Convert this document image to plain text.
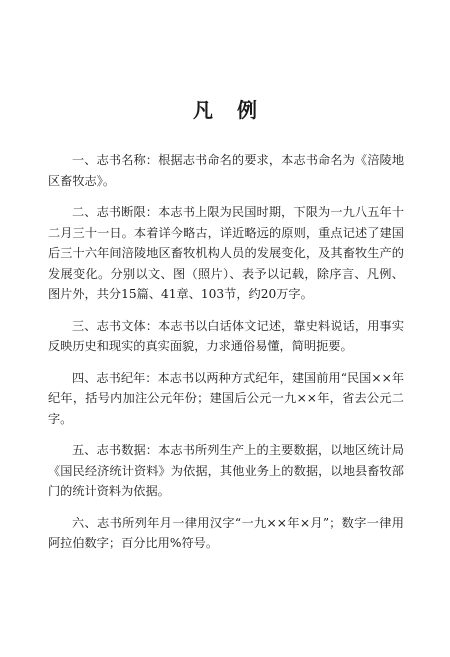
凡例

一、志书名称：根据志书命名的要求，本志书命名为《涪陵地区畜牧志》。

二、志书断限：本志书上限为民国时期，下限为一九八五年十二月三十一日。本着详今略古，详近略远的原则，重点记述了建国后三十六年间涪陵地区畜牧机构人员的发展变化，及其畜牧生产的发展变化。分别以文、图（照片）、表予以记载，除序言、凡例、图片外，共分15篇、41章、103节，约20万字。

三、志书文体：本志书以白话体文记述，靠史料说话，用事实反映历史和现实的真实面貌，力求通俗易懂，简明扼要。

四、志书纪年：本志书以两种方式纪年，建国前用“民国××年纪年，括号内加注公元年份；建国后公元一九××年，省去公元二字。

五、志书数据：本志书所列生产上的主要数据，以地区统计局《国民经济统计资料》为依据，其他业务上的数据，以地县畜牧部门的统计资料为依据。

六、志书所列年月一律用汉字“一九××年×月”；数字一律用阿拉伯数字；百分比用%符号。
